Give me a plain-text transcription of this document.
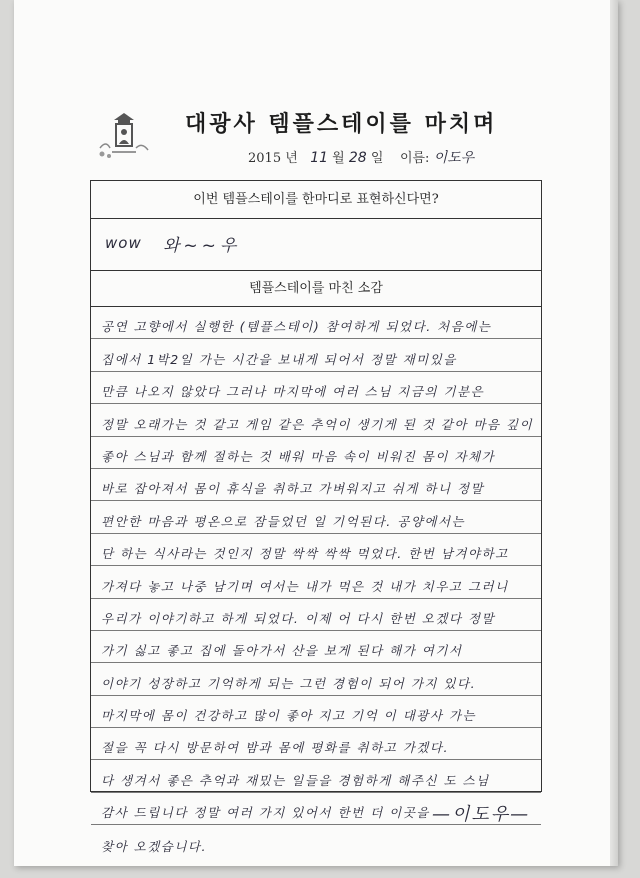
대광사 템플스테이를 마치며
2015 년 11 월 28 일 이름: 이도우
이번 템플스테이를 한마디로 표현하신다면?
wow 와~~우
템플스테이를 마친 소감
공연 고향에서 실행한 (템플스테이) 참여하게 되었다. 처음에는
집에서 1박2일 가는 시간을 보내게 되어서 정말 재미있을
만큼 나오지 않았다 그러나 마지막에 여러 스님 지금의 기분은
정말 오래가는 것 같고 게임 같은 추억이 생기게 된 것 같아 마음 깊이
좋아 스님과 함께 절하는 것 배워 마음 속이 비워진 몸이 자체가
바로 잡아져서 몸이 휴식을 취하고 가벼워지고 쉬게 하니 정말
편안한 마음과 평온으로 잠들었던 일 기억된다. 공양에서는
단 하는 식사라는 것인지 정말 싹싹 싹싹 먹었다. 한번 남겨야하고
가져다 놓고 나중 남기며 여서는 내가 먹은 것 내가 치우고 그러니
우리가 이야기하고 하게 되었다. 이제 어 다시 한번 오겠다 정말
가기 싫고 좋고 집에 돌아가서 산을 보게 된다 해가 여기서
이야기 성장하고 기억하게 되는 그런 경험이 되어 가지 있다.
마지막에 몸이 건강하고 많이 좋아 지고 기억 이 대광사 가는
절을 꼭 다시 방문하여 밤과 몸에 평화를 취하고 가겠다.
다 생겨서 좋은 추억과 재밌는 일들을 경험하게 해주신 도 스님
감사 드립니다 정말 여러 가지 있어서 한번 더 이곳을
찾아 오겠습니다.
—이도우—
